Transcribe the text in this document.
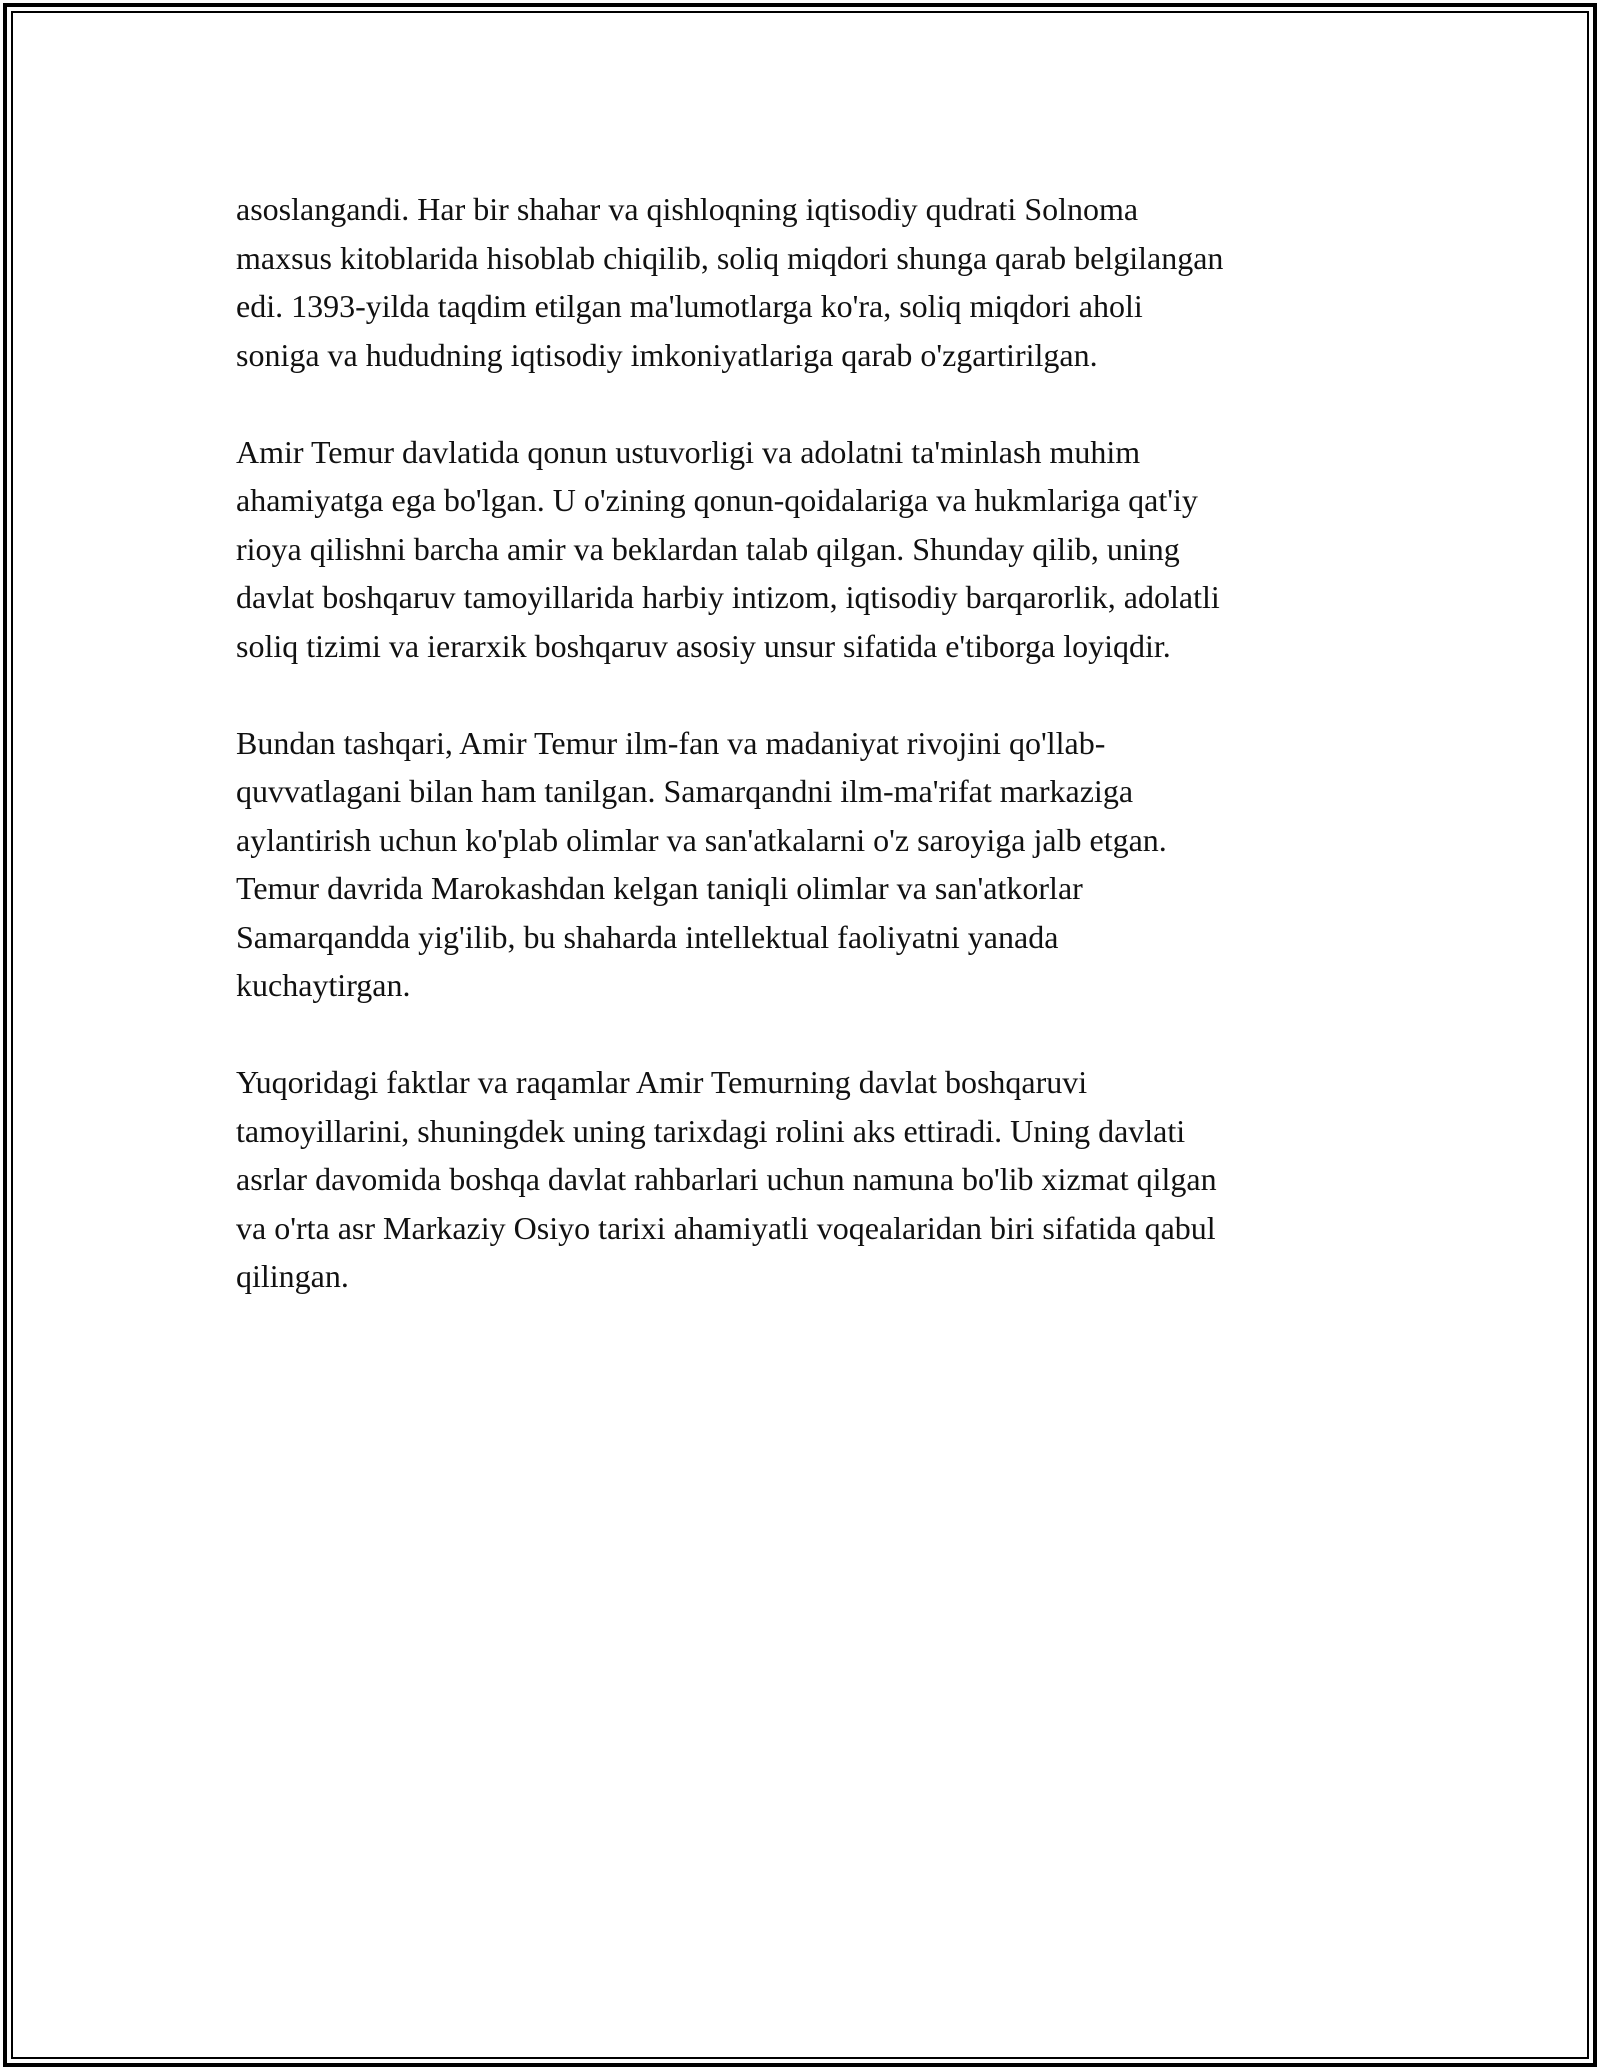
asoslangandi. Har bir shahar va qishloqning iqtisodiy qudrati Solnoma
maxsus kitoblarida hisoblab chiqilib, soliq miqdori shunga qarab belgilangan
edi. 1393-yilda taqdim etilgan ma'lumotlarga ko'ra, soliq miqdori aholi
soniga va hududning iqtisodiy imkoniyatlariga qarab o'zgartirilgan.

Amir Temur davlatida qonun ustuvorligi va adolatni ta'minlash muhim
ahamiyatga ega bo'lgan. U o'zining qonun-qoidalariga va hukmlariga qat'iy
rioya qilishni barcha amir va beklardan talab qilgan. Shunday qilib, uning
davlat boshqaruv tamoyillarida harbiy intizom, iqtisodiy barqarorlik, adolatli
soliq tizimi va ierarxik boshqaruv asosiy unsur sifatida e'tiborga loyiqdir.

Bundan tashqari, Amir Temur ilm-fan va madaniyat rivojini qo'llab-
quvvatlagani bilan ham tanilgan. Samarqandni ilm-ma'rifat markaziga
aylantirish uchun ko'plab olimlar va san'atkalarni o'z saroyiga jalb etgan.
Temur davrida Marokashdan kelgan taniqli olimlar va san'atkorlar
Samarqandda yig'ilib, bu shaharda intellektual faoliyatni yanada
kuchaytirgan.

Yuqoridagi faktlar va raqamlar Amir Temurning davlat boshqaruvi
tamoyillarini, shuningdek uning tarixdagi rolini aks ettiradi. Uning davlati
asrlar davomida boshqa davlat rahbarlari uchun namuna bo'lib xizmat qilgan
va o'rta asr Markaziy Osiyo tarixi ahamiyatli voqealaridan biri sifatida qabul
qilingan.
